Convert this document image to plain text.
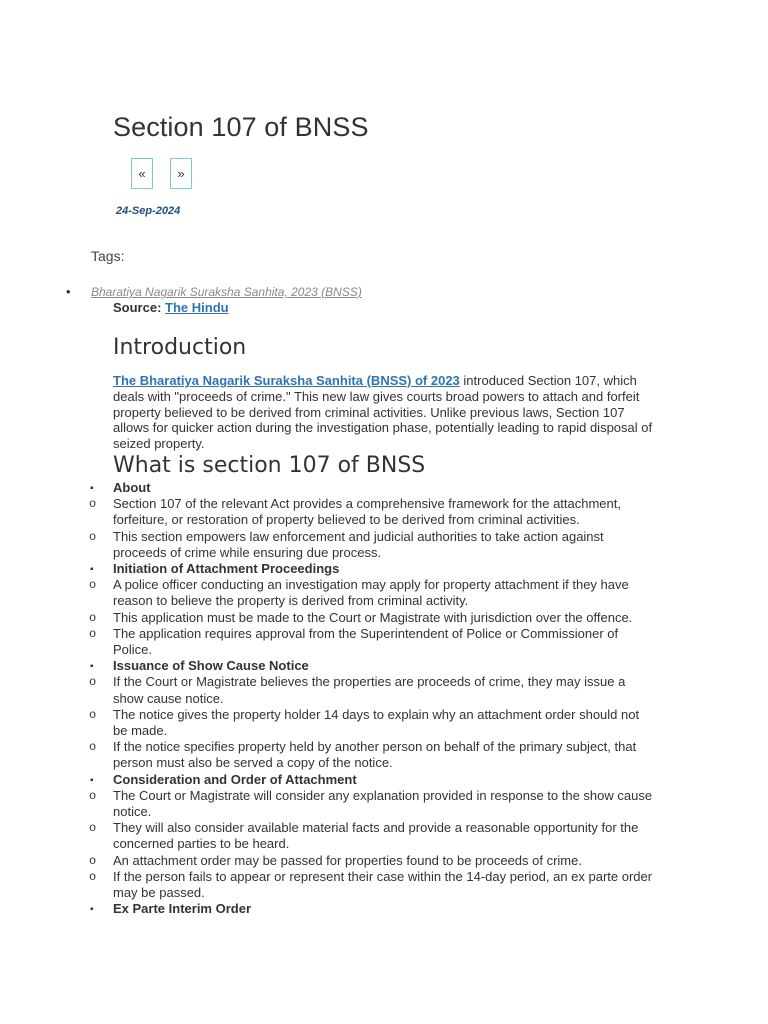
Section 107 of BNSS
«	»
24-Sep-2024
Tags:
• Bharatiya Nagarik Suraksha Sanhita, 2023 (BNSS)
Source: The Hindu
Introduction

The Bharatiya Nagarik Suraksha Sanhita (BNSS) of 2023 introduced Section 107, which deals with "proceeds of crime." This new law gives courts broad powers to attach and forfeit property believed to be derived from criminal activities. Unlike previous laws, Section 107 allows for quicker action during the investigation phase, potentially leading to rapid disposal of seized property.

What is section 107 of BNSS
▪ About
o Section 107 of the relevant Act provides a comprehensive framework for the attachment, forfeiture, or restoration of property believed to be derived from criminal activities.
o This section empowers law enforcement and judicial authorities to take action against proceeds of crime while ensuring due process.
▪ Initiation of Attachment Proceedings
o A police officer conducting an investigation may apply for property attachment if they have reason to believe the property is derived from criminal activity.
o This application must be made to the Court or Magistrate with jurisdiction over the offence.
o The application requires approval from the Superintendent of Police or Commissioner of Police.
▪ Issuance of Show Cause Notice
o If the Court or Magistrate believes the properties are proceeds of crime, they may issue a show cause notice.
o The notice gives the property holder 14 days to explain why an attachment order should not be made.
o If the notice specifies property held by another person on behalf of the primary subject, that person must also be served a copy of the notice.
▪ Consideration and Order of Attachment
o The Court or Magistrate will consider any explanation provided in response to the show cause notice.
o They will also consider available material facts and provide a reasonable opportunity for the concerned parties to be heard.
o An attachment order may be passed for properties found to be proceeds of crime.
o If the person fails to appear or represent their case within the 14-day period, an ex parte order may be passed.
▪ Ex Parte Interim Order
